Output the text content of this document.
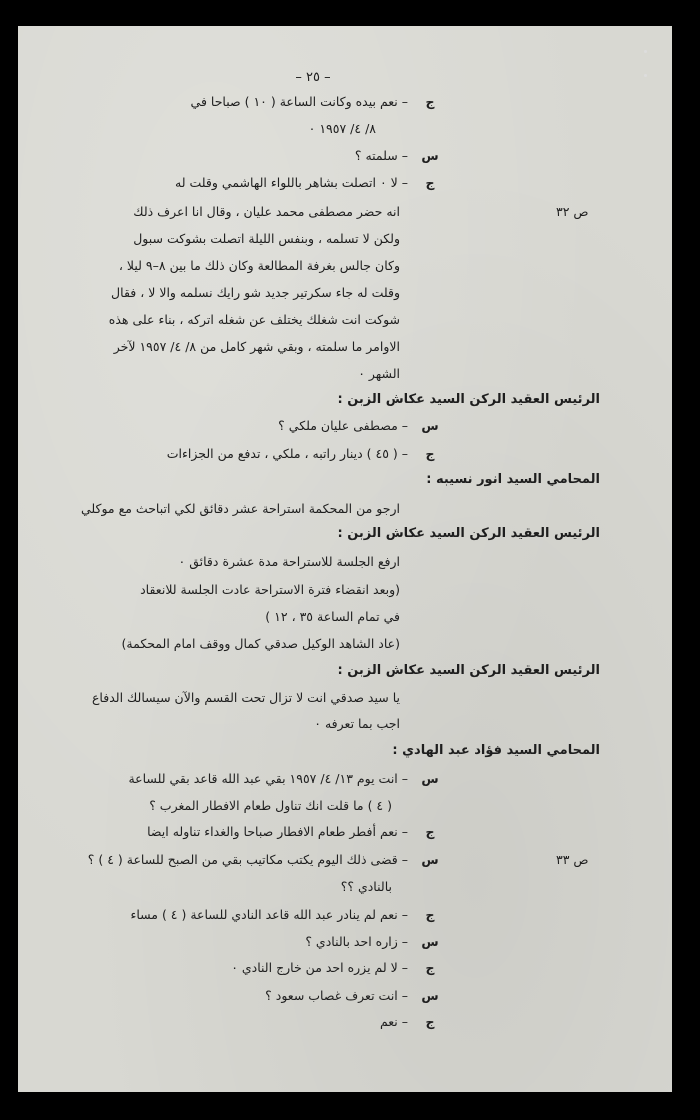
– ٢٥ –
ص ٣٢
ص ٣٣
ج
س
ج
س
ج
س
ج
س
ج
س
ج
س
ج
– نعم بيده وكانت الساعة ( ١٠ ) صباحا في
٨/ ٤/ ١٩٥٧ ٠
– سلمته ؟
– لا ٠ اتصلت بشاهر باللواء الهاشمي وقلت له
انه حضر مصطفى محمد عليان ، وقال انا اعرف ذلك
ولكن لا تسلمه ، وبنفس الليلة اتصلت بشوكت سبول
وكان جالس بغرفة المطالعة وكان ذلك ما بين ٨–٩ ليلا ،
وقلت له جاء سكرتير جديد شو رايك نسلمه والا لا ، فقال
شوكت انت شغلك يختلف عن شغله اتركه ، بناء على هذه
الاوامر ما سلمته ، وبقي شهر كامل من ٨/ ٤/ ١٩٥٧ لآخر
الشهر ٠
الرئيس العقيد الركن السيد عكاش الزبن :
– مصطفى عليان ملكي ؟
– ( ٤٥ ) دينار راتبه ، ملكي ، تدفع من الجزاءات
المحامي السيد انور نسيبه :
ارجو من المحكمة استراحة عشر دقائق لكي اتباحث مع موكلي
الرئيس العقيد الركن السيد عكاش الزبن :
ارفع الجلسة للاستراحة مدة عشرة دقائق ٠
(وبعد انقضاء فترة الاستراحة عادت الجلسة للانعقاد
في تمام الساعة ٣٥ ، ١٢ )
(عاد الشاهد الوكيل صدقي كمال ووقف امام المحكمة)
الرئيس العقيد الركن السيد عكاش الزبن :
يا سيد صدقي انت لا تزال تحت القسم والآن سيسالك الدفاع
اجب بما تعرفه ٠
المحامي السيد فؤاد عبد الهادي :
– انت يوم ١٣/ ٤/ ١٩٥٧ بقي عبد الله قاعد بقي للساعة
( ٤ ) ما قلت انك تناول طعام الافطار المغرب ؟
– نعم أفطر طعام الافطار صباحا والغداء تناوله ايضا
– قضى ذلك اليوم يكتب مكاتيب بقي من الصبح للساعة ( ٤ ) ؟
بالنادي ؟؟
– نعم لم ينادر عبد الله قاعد النادي للساعة ( ٤ ) مساء
– زاره احد بالنادي ؟
– لا لم يزره احد من خارج النادي ٠
– انت تعرف غصاب سعود ؟
– نعم
